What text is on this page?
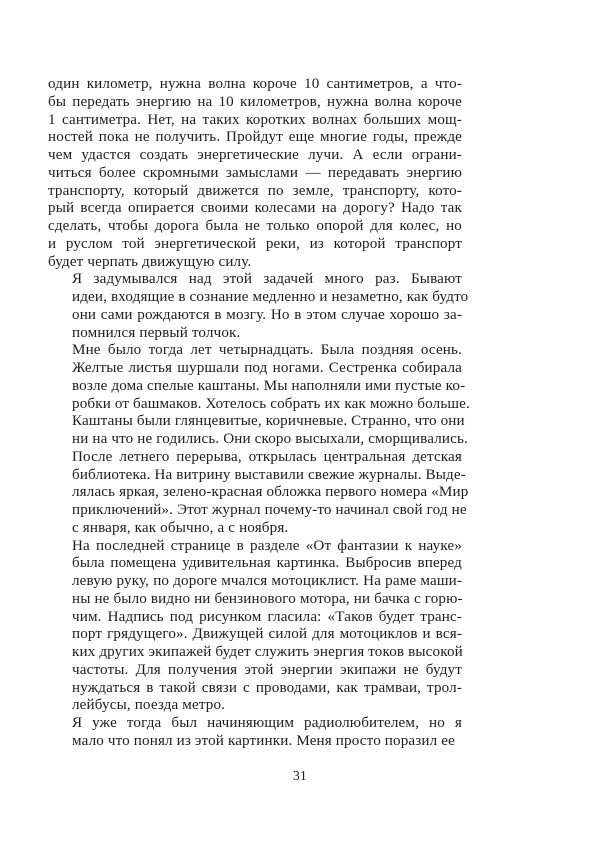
один километр, нужна волна короче 10 сантиметров, а что-
бы передать энергию на 10 километров, нужна волна короче
1 сантиметра. Нет, на таких коротких волнах больших мощ-
ностей пока не получить. Пройдут еще многие годы, прежде
чем удастся создать энергетические лучи. А если ограни-
читься более скромными замыслами — передавать энергию
транспорту, который движется по земле, транспорту, кото-
рый всегда опирается своими колесами на дорогу? Надо так
сделать, чтобы дорога была не только опорой для колес, но
и руслом той энергетической реки, из которой транспорт
будет черпать движущую силу.

Я задумывался над этой задачей много раз. Бывают
идеи, входящие в сознание медленно и незаметно, как будто
они сами рождаются в мозгу. Но в этом случае хорошо за-
помнился первый толчок.

Мне было тогда лет четырнадцать. Была поздняя осень.
Желтые листья шуршали под ногами. Сестренка собирала
возле дома спелые каштаны. Мы наполняли ими пустые ко-
робки от башмаков. Хотелось собрать их как можно больше.
Каштаны были глянцевитые, коричневые. Странно, что они
ни на что не годились. Они скоро высыхали, сморщивались.

После летнего перерыва, открылась центральная детская
библиотека. На витрину выставили свежие журналы. Выде-
лялась яркая, зелено-красная обложка первого номера «Мир
приключений». Этот журнал почему-то начинал свой год не
с января, как обычно, а с ноября.

На последней странице в разделе «От фантазии к науке»
была помещена удивительная картинка. Выбросив вперед
левую руку, по дороге мчался мотоциклист. На раме маши-
ны не было видно ни бензинового мотора, ни бачка с горю-
чим. Надпись под рисунком гласила: «Таков будет транс-
порт грядущего». Движущей силой для мотоциклов и вся-
ких других экипажей будет служить энергия токов высокой
частоты. Для получения этой энергии экипажи не будут
нуждаться в такой связи с проводами, как трамваи, трол-
лейбусы, поезда метро.

Я уже тогда был начиняющим радиолюбителем, но я
мало что понял из этой картинки. Меня просто поразил ее

31
